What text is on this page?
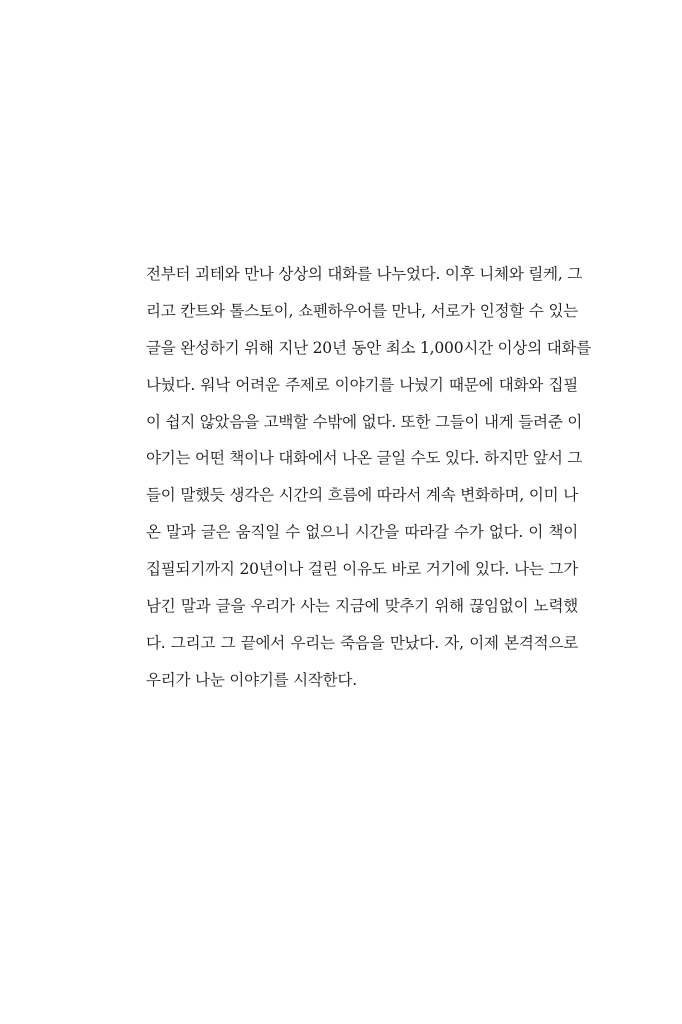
전부터 괴테와 만나 상상의 대화를 나누었다. 이후 니체와 릴케, 그
리고 칸트와 톨스토이, 쇼펜하우어를 만나, 서로가 인정할 수 있는
글을 완성하기 위해 지난 20년 동안 최소 1,000시간 이상의 대화를
나눴다. 워낙 어려운 주제로 이야기를 나눴기 때문에 대화와 집필
이 쉽지 않았음을 고백할 수밖에 없다. 또한 그들이 내게 들려준 이
야기는 어떤 책이나 대화에서 나온 글일 수도 있다. 하지만 앞서 그
들이 말했듯 생각은 시간의 흐름에 따라서 계속 변화하며, 이미 나
온 말과 글은 움직일 수 없으니 시간을 따라갈 수가 없다. 이 책이
집필되기까지 20년이나 걸린 이유도 바로 거기에 있다. 나는 그가
남긴 말과 글을 우리가 사는 지금에 맞추기 위해 끊임없이 노력했
다. 그리고 그 끝에서 우리는 죽음을 만났다. 자, 이제 본격적으로
우리가 나눈 이야기를 시작한다.
